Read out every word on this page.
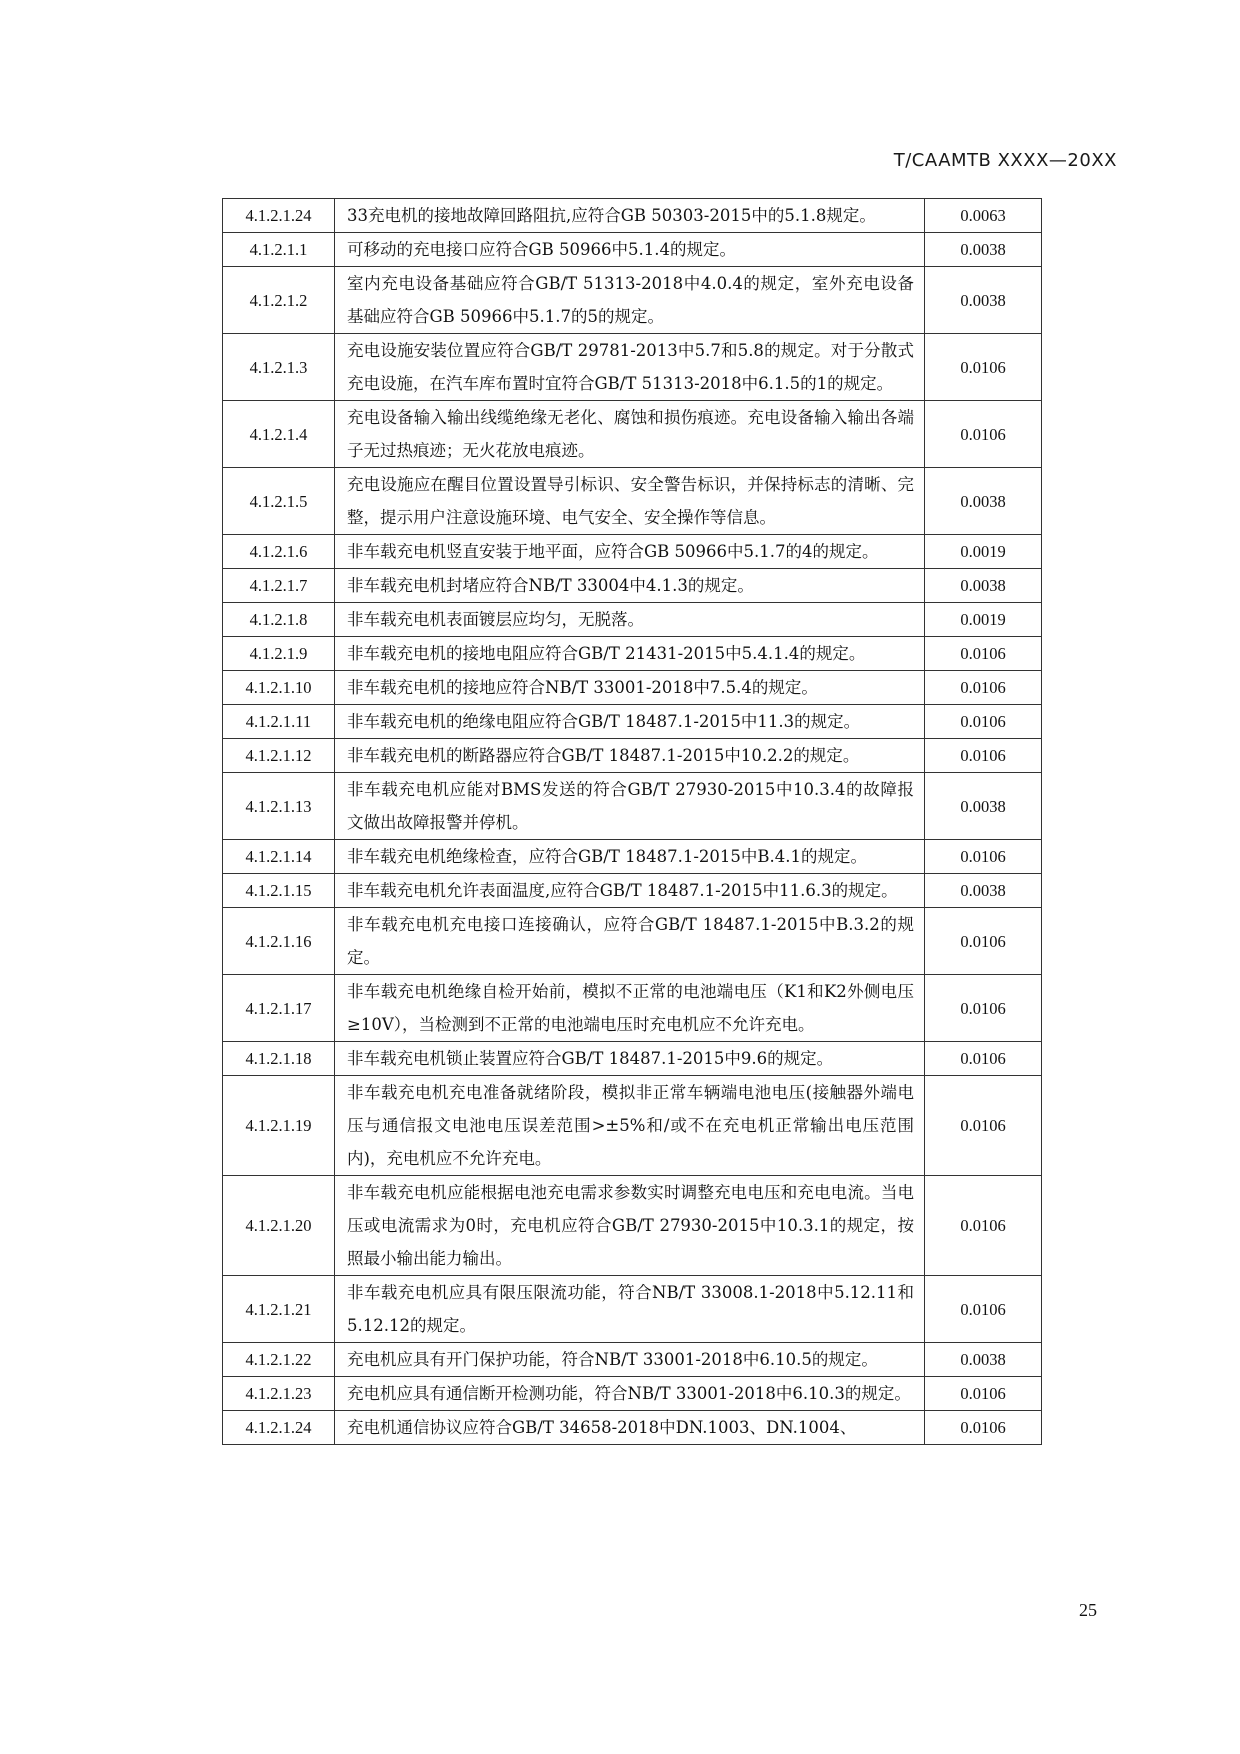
T/CAAMTB XXXX—20XX
4.1.2.1.24	33充电机的接地故障回路阻抗,应符合GB 50303-2015中的5.1.8规定。	0.0063
4.1.2.1.1	可移动的充电接口应符合GB 50966中5.1.4的规定。	0.0038
4.1.2.1.2	室内充电设备基础应符合GB/T 51313-2018中4.0.4的规定，室外充电设备基础应符合GB 50966中5.1.7的5的规定。	0.0038
4.1.2.1.3	充电设施安装位置应符合GB/T 29781-2013中5.7和5.8的规定。对于分散式充电设施，在汽车库布置时宜符合GB/T 51313-2018中6.1.5的1的规定。	0.0106
4.1.2.1.4	充电设备输入输出线缆绝缘无老化、腐蚀和损伤痕迹。充电设备输入输出各端子无过热痕迹；无火花放电痕迹。	0.0106
4.1.2.1.5	充电设施应在醒目位置设置导引标识、安全警告标识，并保持标志的清晰、完整，提示用户注意设施环境、电气安全、安全操作等信息。	0.0038
4.1.2.1.6	非车载充电机竖直安装于地平面，应符合GB 50966中5.1.7的4的规定。	0.0019
4.1.2.1.7	非车载充电机封堵应符合NB/T 33004中4.1.3的规定。	0.0038
4.1.2.1.8	非车载充电机表面镀层应均匀，无脱落。	0.0019
4.1.2.1.9	非车载充电机的接地电阻应符合GB/T 21431-2015中5.4.1.4的规定。	0.0106
4.1.2.1.10	非车载充电机的接地应符合NB/T 33001-2018中7.5.4的规定。	0.0106
4.1.2.1.11	非车载充电机的绝缘电阻应符合GB/T 18487.1-2015中11.3的规定。	0.0106
4.1.2.1.12	非车载充电机的断路器应符合GB/T 18487.1-2015中10.2.2的规定。	0.0106
4.1.2.1.13	非车载充电机应能对BMS发送的符合GB/T 27930-2015中10.3.4的故障报文做出故障报警并停机。	0.0038
4.1.2.1.14	非车载充电机绝缘检查，应符合GB/T 18487.1-2015中B.4.1的规定。	0.0106
4.1.2.1.15	非车载充电机允许表面温度,应符合GB/T 18487.1-2015中11.6.3的规定。	0.0038
4.1.2.1.16	非车载充电机充电接口连接确认，应符合GB/T 18487.1-2015中B.3.2的规定。	0.0106
4.1.2.1.17	非车载充电机绝缘自检开始前，模拟不正常的电池端电压（K1和K2外侧电压≥10V），当检测到不正常的电池端电压时充电机应不允许充电。	0.0106
4.1.2.1.18	非车载充电机锁止装置应符合GB/T 18487.1-2015中9.6的规定。	0.0106
4.1.2.1.19	非车载充电机充电准备就绪阶段，模拟非正常车辆端电池电压(接触器外端电压与通信报文电池电压误差范围>±5%和/或不在充电机正常输出电压范围内)，充电机应不允许充电。	0.0106
4.1.2.1.20	非车载充电机应能根据电池充电需求参数实时调整充电电压和充电电流。当电压或电流需求为0时，充电机应符合GB/T 27930-2015中10.3.1的规定，按照最小输出能力输出。	0.0106
4.1.2.1.21	非车载充电机应具有限压限流功能，符合NB/T 33008.1-2018中5.12.11和5.12.12的规定。	0.0106
4.1.2.1.22	充电机应具有开门保护功能，符合NB/T 33001-2018中6.10.5的规定。	0.0038
4.1.2.1.23	充电机应具有通信断开检测功能，符合NB/T 33001-2018中6.10.3的规定。	0.0106
4.1.2.1.24	充电机通信协议应符合GB/T 34658-2018中DN.1003、DN.1004、	0.0106
25
